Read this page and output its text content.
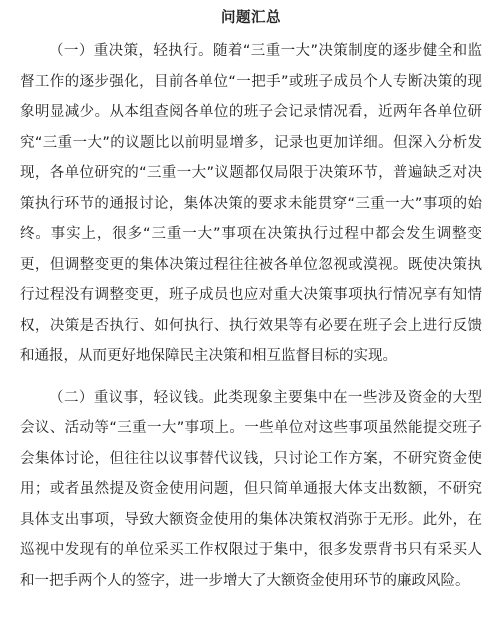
问题汇总

（一）重决策，轻执行。随着“三重一大”决策制度的逐步健全和监督工作的逐步强化，目前各单位“一把手”或班子成员个人专断决策的现象明显减少。从本组查阅各单位的班子会记录情况看，近两年各单位研究“三重一大”的议题比以前明显增多，记录也更加详细。但深入分析发现，各单位研究的“三重一大”议题都仅局限于决策环节，普遍缺乏对决策执行环节的通报讨论，集体决策的要求未能贯穿“三重一大”事项的始终。事实上，很多“三重一大”事项在决策执行过程中都会发生调整变更，但调整变更的集体决策过程往往被各单位忽视或漠视。既使决策执行过程没有调整变更，班子成员也应对重大决策事项执行情况享有知情权，决策是否执行、如何执行、执行效果等有必要在班子会上进行反馈和通报，从而更好地保障民主决策和相互监督目标的实现。

（二）重议事，轻议钱。此类现象主要集中在一些涉及资金的大型会议、活动等“三重一大”事项上。一些单位对这些事项虽然能提交班子会集体讨论，但往往以议事替代议钱，只讨论工作方案，不研究资金使用；或者虽然提及资金使用问题，但只简单通报大体支出数额，不研究具体支出事项，导致大额资金使用的集体决策权消弥于无形。此外，在巡视中发现有的单位采买工作权限过于集中，很多发票背书只有采买人和一把手两个人的签字，进一步增大了大额资金使用环节的廉政风险。
